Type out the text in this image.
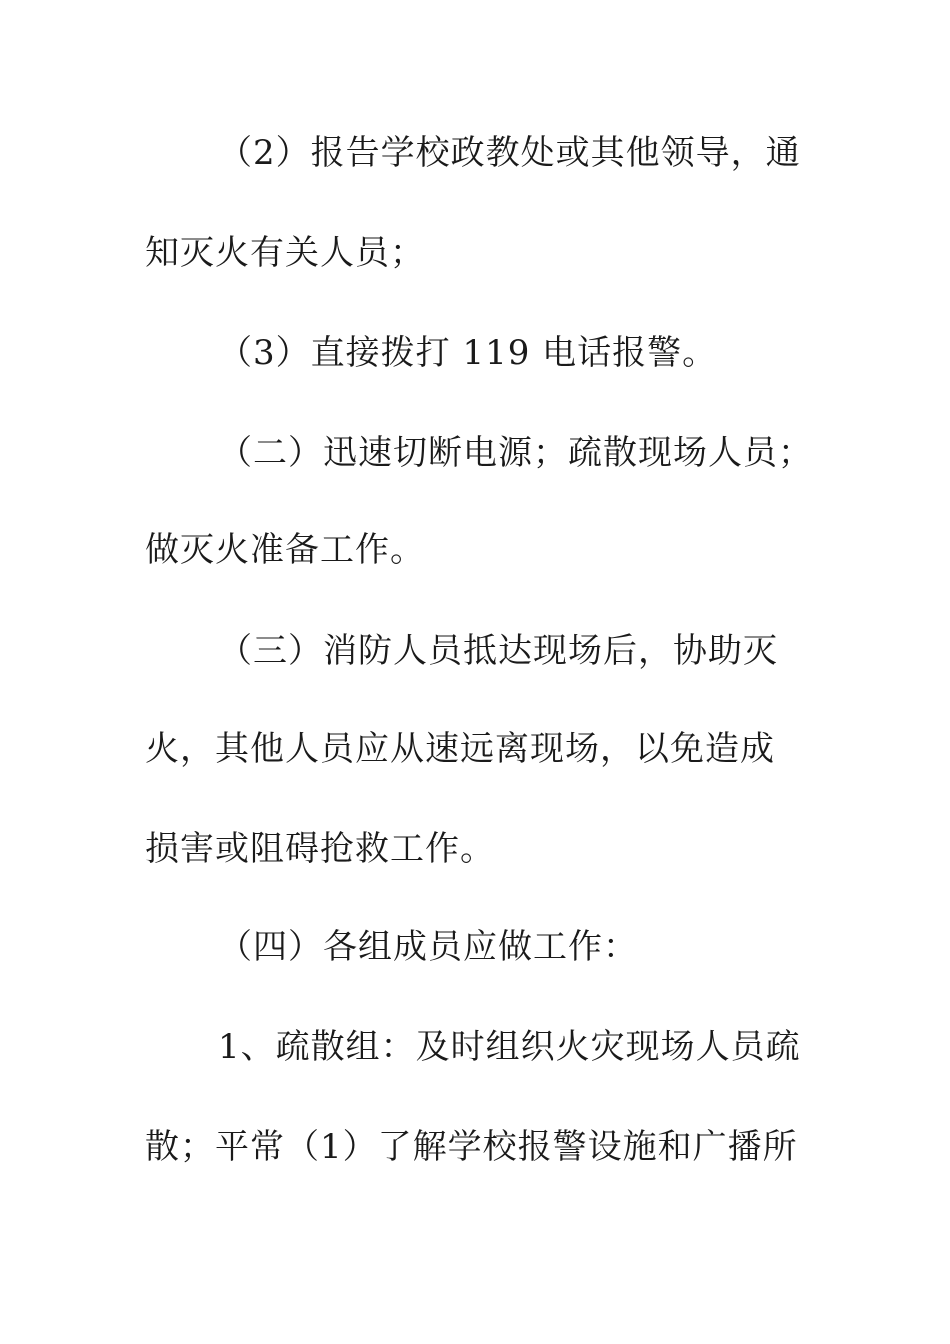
（2）报告学校政教处或其他领导，通

知灭火有关人员；

（3）直接拨打 119 电话报警。

（二）迅速切断电源；疏散现场人员；

做灭火准备工作。

（三）消防人员抵达现场后，协助灭

火，其他人员应从速远离现场，以免造成

损害或阻碍抢救工作。

（四）各组成员应做工作：

1、疏散组：及时组织火灾现场人员疏

散；平常（1）了解学校报警设施和广播所
